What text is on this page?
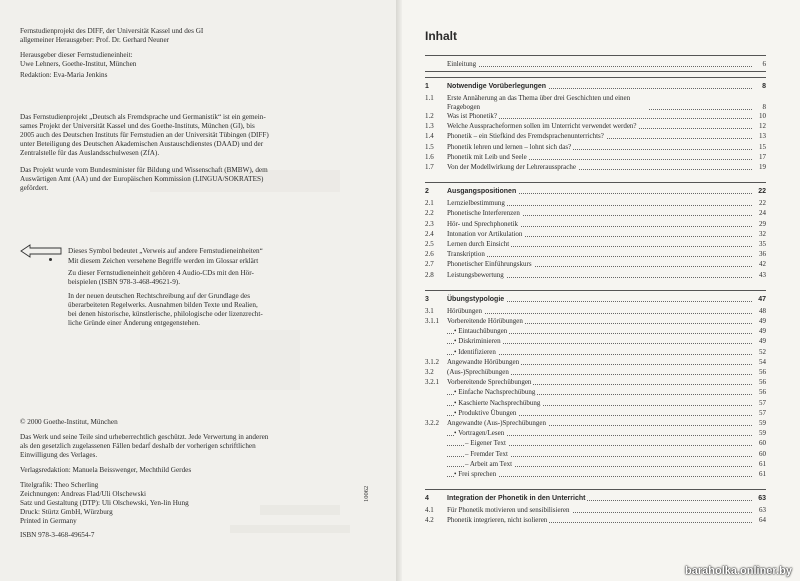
Fernstudienprojekt des DIFF, der Universität Kassel und des GI
allgemeiner Herausgeber: Prof. Dr. Gerhard Neuner
Herausgeber dieser Fernstudieneinheit:
Uwe Lehners, Goethe-Institut, München
Redaktion: Eva-Maria Jenkins
Das Fernstudienprojekt „Deutsch als Fremdsprache und Germanistik“ ist ein gemein-
sames Projekt der Universität Kassel und des Goethe-Instituts, München (GI), bis
2005 auch des Deutschen Instituts für Fernstudien an der Universität Tübingen (DIFF)
unter Beteiligung des Deutschen Akademischen Austauschdienstes (DAAD) und der
Zentralstelle für das Auslandsschulwesen (ZfA).
Das Projekt wurde vom Bundesminister für Bildung und Wissenschaft (BMBW), dem
Auswärtigen Amt (AA) und der Europäischen Kommission (LINGUA/SOKRATES)
gefördert.
Dieses Symbol bedeutet „Verweis auf andere Fernstudieneinheiten“
Mit diesem Zeichen versehene Begriffe werden im Glossar erklärt
Zu dieser Fernstudieneinheit gehören 4 Audio-CDs mit den Hör-
beispielen (ISBN 978-3-468-49621-9).
In der neuen deutschen Rechtschreibung auf der Grundlage des
überarbeiteten Regelwerks. Ausnahmen bilden Texte und Realien,
bei denen historische, künstlerische, philologische oder lizenzrecht-
liche Gründe einer Änderung entgegenstehen.
© 2000 Goethe-Institut, München
Das Werk und seine Teile sind urheberrechtlich geschützt. Jede Verwertung in anderen
als den gesetzlich zugelassenen Fällen bedarf deshalb der vorherigen schriftlichen
Einwilligung des Verlages.
Verlagsredaktion: Manuela Beisswenger, Mechthild Gerdes
Titelgrafik: Theo Scherling
Zeichnungen: Andreas Flad/Uli Olschewski
Satz und Gestaltung (DTP): Uli Olschewski, Yen-lin Hung
Druck: Stürtz GmbH, Würzburg
Printed in Germany
ISBN 978-3-468-49654-7
10062
Inhalt
Einleitung	6
1	Notwendige Vorüberlegungen	8
1.1 Erste Annäherung an das Thema über drei Geschichten und einen Fragebogen	8
1.2 Was ist Phonetik?	10
1.3 Welche Ausspracheformen sollen im Unterricht verwendet werden?	12
1.4 Phonetik – ein Stiefkind des Fremdsprachenunterrichts?	13
1.5 Phonetik lehren und lernen – lohnt sich das?	15
1.6 Phonetik mit Leib und Seele	17
1.7 Von der Modellwirkung der Lehreraussprache	19
2	Ausgangspositionen	22
2.1 Lernzielbestimmung	22
2.2 Phonetische Interferenzen	24
2.3 Hör- und Sprechphonetik	29
2.4 Intonation vor Artikulation	32
2.5 Lernen durch Einsicht	35
2.6 Transkription	36
2.7 Phonetischer Einführungskurs	42
2.8 Leistungsbewertung	43
3	Übungstypologie	47
3.1 Hörübungen	48
3.1.1 Vorbereitende Hörübungen	49
• Eintauchübungen	49
• Diskriminieren	49
• Identifizieren	52
3.1.2 Angewandte Hörübungen	54
3.2 (Aus-)Sprechübungen	56
3.2.1 Vorbereitende Sprechübungen	56
• Einfache Nachsprechübung	56
• Kaschierte Nachsprechübung	57
• Produktive Übungen	57
3.2.2 Angewandte (Aus-)Sprechübungen	59
• Vortragen/Lesen	59
– Eigener Text	60
– Fremder Text	60
– Arbeit am Text	61
• Frei sprechen	61
4	Integration der Phonetik in den Unterricht	63
4.1 Für Phonetik motivieren und sensibilisieren	63
4.2 Phonetik integrieren, nicht isolieren	64
baraholka.onliner.by
